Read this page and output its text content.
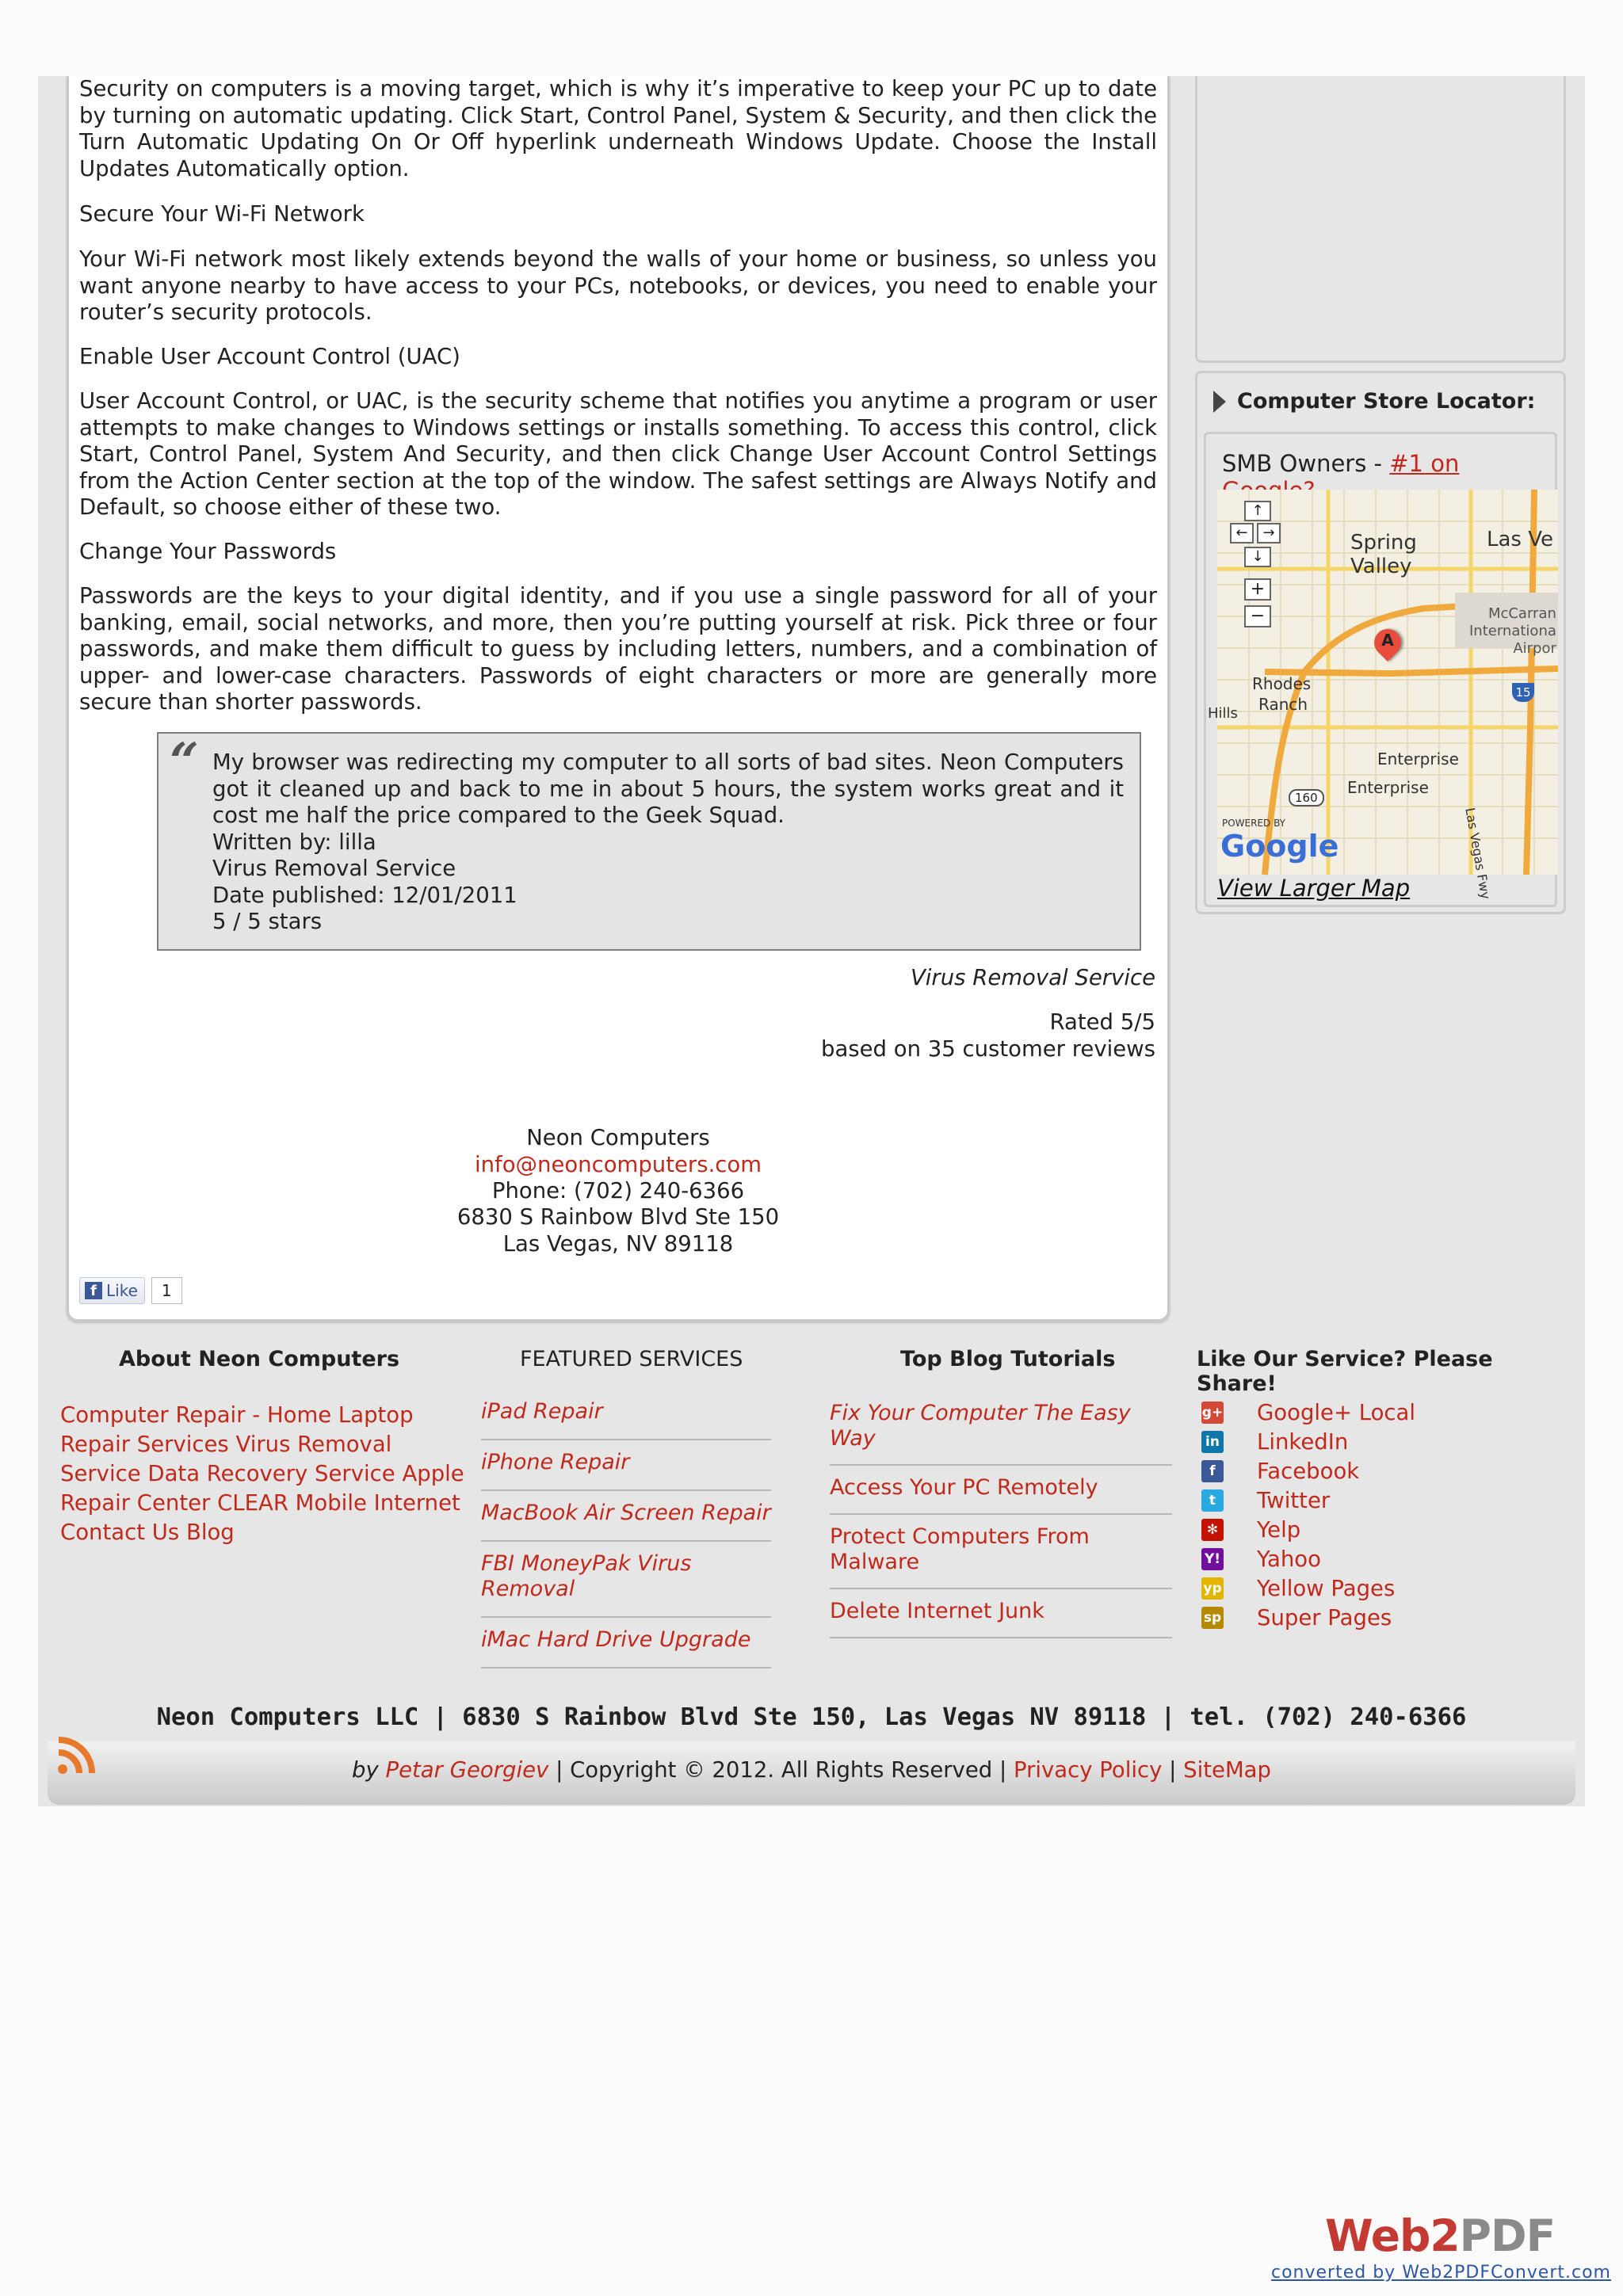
Security on computers is a moving target, which is why it’s imperative to keep your PC up to date by turning on automatic updating. Click Start, Control Panel, System & Security, and then click the Turn Automatic Updating On Or Off hyperlink underneath Windows Update. Choose the Install Updates Automatically option.

Secure Your Wi-Fi Network

Your Wi-Fi network most likely extends beyond the walls of your home or business, so unless you want anyone nearby to have access to your PCs, notebooks, or devices, you need to enable your router’s security protocols.

Enable User Account Control (UAC)

User Account Control, or UAC, is the security scheme that notifies you anytime a program or user attempts to make changes to Windows settings or installs something. To access this control, click Start, Control Panel, System And Security, and then click Change User Account Control Settings from the Action Center section at the top of the window. The safest settings are Always Notify and Default, so choose either of these two.

Change Your Passwords

Passwords are the keys to your digital identity, and if you use a single password for all of your banking, email, social networks, and more, then you’re putting yourself at risk. Pick three or four passwords, and make them difficult to guess by including letters, numbers, and a combination of upper- and lower-case characters. Passwords of eight characters or more are generally more secure than shorter passwords.

“ My browser was redirecting my computer to all sorts of bad sites. Neon Computers got it cleaned up and back to me in about 5 hours, the system works great and it cost me half the price compared to the Geek Squad.
Written by: lilla
Virus Removal Service
Date published: 12/01/2011
5 / 5 stars
Virus Removal Service
Rated 5/5
based on 35 customer reviews
Neon Computers
info@neoncomputers.com
Phone: (702) 240-6366
6830 S Rainbow Blvd Ste 150
Las Vegas, NV 89118
f Like	1
Computer Store Locator:
SMB Owners - #1 on
↑
←	→
↓
+
−
Spring
Valley
Las Ve
McCarran
Internationa
Airpor
Rhodes
Ranch
Hills
Enterprise
Enterprise
160
15
Las Vegas Fwy
A
POWERED BY
Google
View Larger Map
About Neon Computers
Computer Repair - Home Laptop Repair Services Virus Removal Service Data Recovery Service Apple Repair Center CLEAR Mobile Internet Contact Us Blog
FEATURED SERVICES
iPad Repair
iPhone Repair
MacBook Air Screen Repair
FBI MoneyPak Virus Removal
iMac Hard Drive Upgrade
Top Blog Tutorials
Fix Your Computer The Easy Way
Access Your PC Remotely
Protect Computers From Malware
Delete Internet Junk
Like Our Service? Please Share!
g+ Google+ Local
in LinkedIn
f	Facebook
t	Twitter
✻ Yelp
Y! Yahoo
yp Yellow Pages
sp Super Pages
Neon Computers LLC | 6830 S Rainbow Blvd Ste 150, Las Vegas NV 89118 | tel. (702) 240-6366
by Petar Georgiev | Copyright © 2012. All Rights Reserved | Privacy Policy | SiteMap
Web2PDF
converted by Web2PDFConvert.com
